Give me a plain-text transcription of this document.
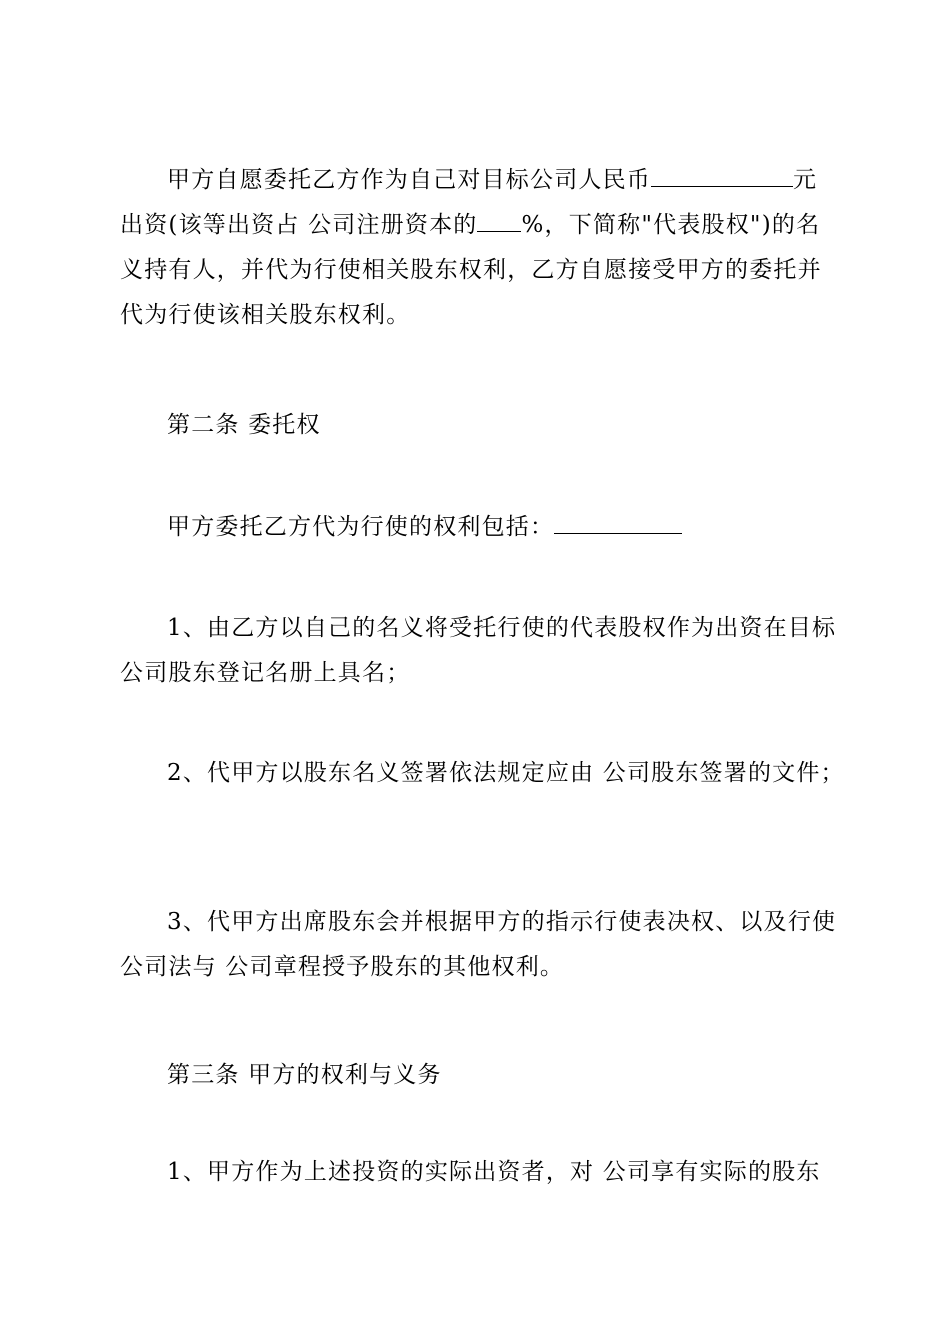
甲方自愿委托乙方作为自己对目标公司人民币	元
出资(该等出资占 公司注册资本的 %，下简称"代表股权")的名
义持有人，并代为行使相关股东权利，乙方自愿接受甲方的委托并
代为行使该相关股东权利。
第二条 委托权
甲方委托乙方代为行使的权利包括：
1、由乙方以自己的名义将受托行使的代表股权作为出资在目标
公司股东登记名册上具名；
2、代甲方以股东名义签署依法规定应由 公司股东签署的文件；
3、代甲方出席股东会并根据甲方的指示行使表决权、以及行使
公司法与 公司章程授予股东的其他权利。
第三条 甲方的权利与义务
1、甲方作为上述投资的实际出资者，对 公司享有实际的股东
